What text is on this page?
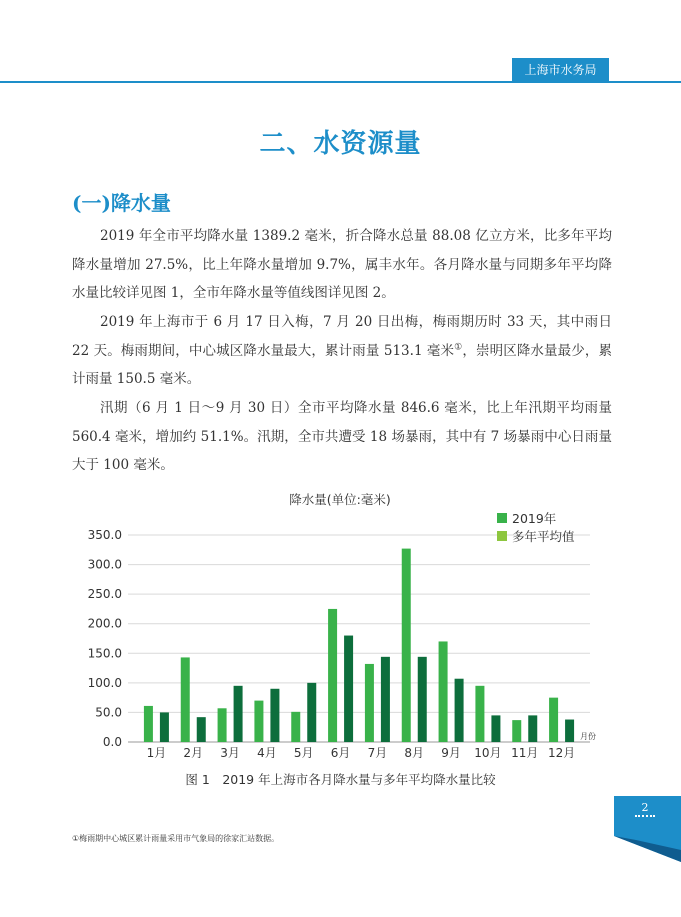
上海市水务局
二、水资源量
(一)降水量

2019 年全市平均降水量 1389.2 毫米，折合降水总量 88.08 亿立方米，比多年平均降水量增加 27.5%，比上年降水量增加 9.7%，属丰水年。各月降水量与同期多年平均降水量比较详见图 1，全市年降水量等值线图详见图 2。

2019 年上海市于 6 月 17 日入梅，7 月 20 日出梅，梅雨期历时 33 天，其中雨日 22 天。梅雨期间，中心城区降水量最大，累计雨量 513.1 毫米①，崇明区降水量最少，累计雨量 150.5 毫米。

汛期（6 月 1 日～9 月 30 日）全市平均降水量 846.6 毫米，比上年汛期平均雨量 560.4 毫米，增加约 51.1%。汛期，全市共遭受 18 场暴雨，其中有 7 场暴雨中心日雨量大于 100 毫米。

降水量(单位:毫米)
0.0
50.0
100.0
150.0
200.0
250.0
300.0
350.0
1月 2月 3月 4月 5月 6月 7月 8月 9月 10月 11月 12月
月份
2019年
多年平均值
图 1　2019 年上海市各月降水量与多年平均降水量比较
①梅雨期中心城区累计雨量采用市气象局的徐家汇站数据。
2
